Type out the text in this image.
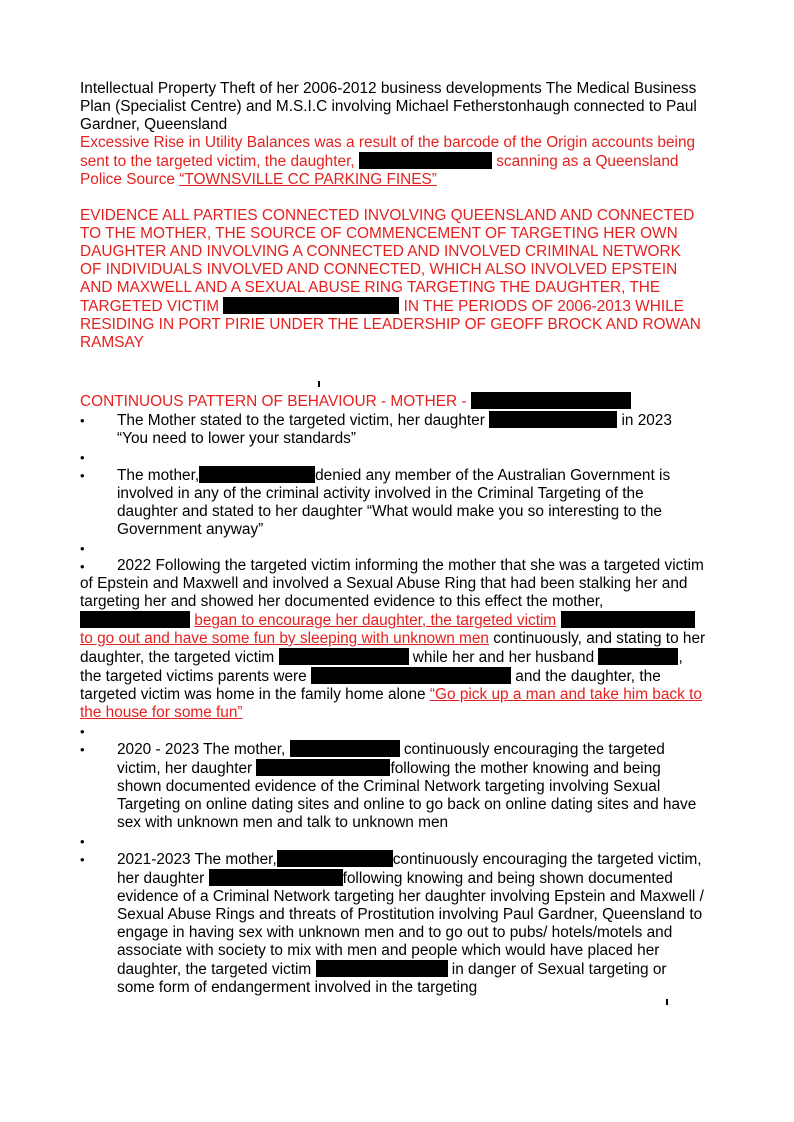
Intellectual Property Theft of her 2006-2012 business developments The Medical Business Plan (Specialist Centre) and M.S.I.C involving Michael Fetherstonhaugh connected to Paul Gardner, Queensland

Excessive Rise in Utility Balances was a result of the barcode of the Origin accounts being sent to the targeted victim, the daughter,	scanning as a Queensland Police Source “TOWNSVILLE CC PARKING FINES”

EVIDENCE ALL PARTIES CONNECTED INVOLVING QUEENSLAND AND CONNECTED TO THE MOTHER, THE SOURCE OF COMMENCEMENT OF TARGETING HER OWN DAUGHTER AND INVOLVING A CONNECTED AND INVOLVED CRIMINAL NETWORK OF INDIVIDUALS INVOLVED AND CONNECTED, WHICH ALSO INVOLVED EPSTEIN AND MAXWELL AND A SEXUAL ABUSE RING TARGETING THE DAUGHTER, THE TARGETED VICTIM	IN THE PERIODS OF 2006-2013 WHILE RESIDING IN PORT PIRIE UNDER THE LEADERSHIP OF GEOFF BROCK AND ROWAN RAMSAY

CONTINUOUS PATTERN OF BEHAVIOUR - MOTHER -

• The Mother stated to the targeted victim, her daughter	in 2023 “You need to lower your standards”
•
• The mother,	denied any member of the Australian Government is involved in any of the criminal activity involved in the Criminal Targeting of the daughter and stated to her daughter “What would make you so interesting to the Government anyway”
•
• 2022 Following the targeted victim informing the mother that she was a targeted victim of Epstein and Maxwell and involved a Sexual Abuse Ring that had been stalking her and targeting her and showed her documented evidence to this effect the mother,  began to encourage her daughter, the targeted victim  to go out and have some fun by sleeping with unknown men continuously, and stating to her daughter, the targeted victim	while her and her husband	, the targeted victims parents were	and the daughter, the targeted victim was home in the family home alone “Go pick up a man and take him back to the house for some fun”
•
• 2020 - 2023 The mother,	continuously encouraging the targeted victim, her daughter	following the mother knowing and being shown documented evidence of the Criminal Network targeting involving Sexual Targeting on online dating sites and online to go back on online dating sites and have sex with unknown men and talk to unknown men
•
• 2021-2023 The mother,	continuously encouraging the targeted victim, her daughter	following knowing and being shown documented evidence of a Criminal Network targeting her daughter involving Epstein and Maxwell / Sexual Abuse Rings and threats of Prostitution involving Paul Gardner, Queensland to engage in having sex with unknown men and to go out to pubs/ hotels/motels and associate with society to mix with men and people which would have placed her daughter, the targeted victim	in danger of Sexual targeting or some form of endangerment involved in the targeting
